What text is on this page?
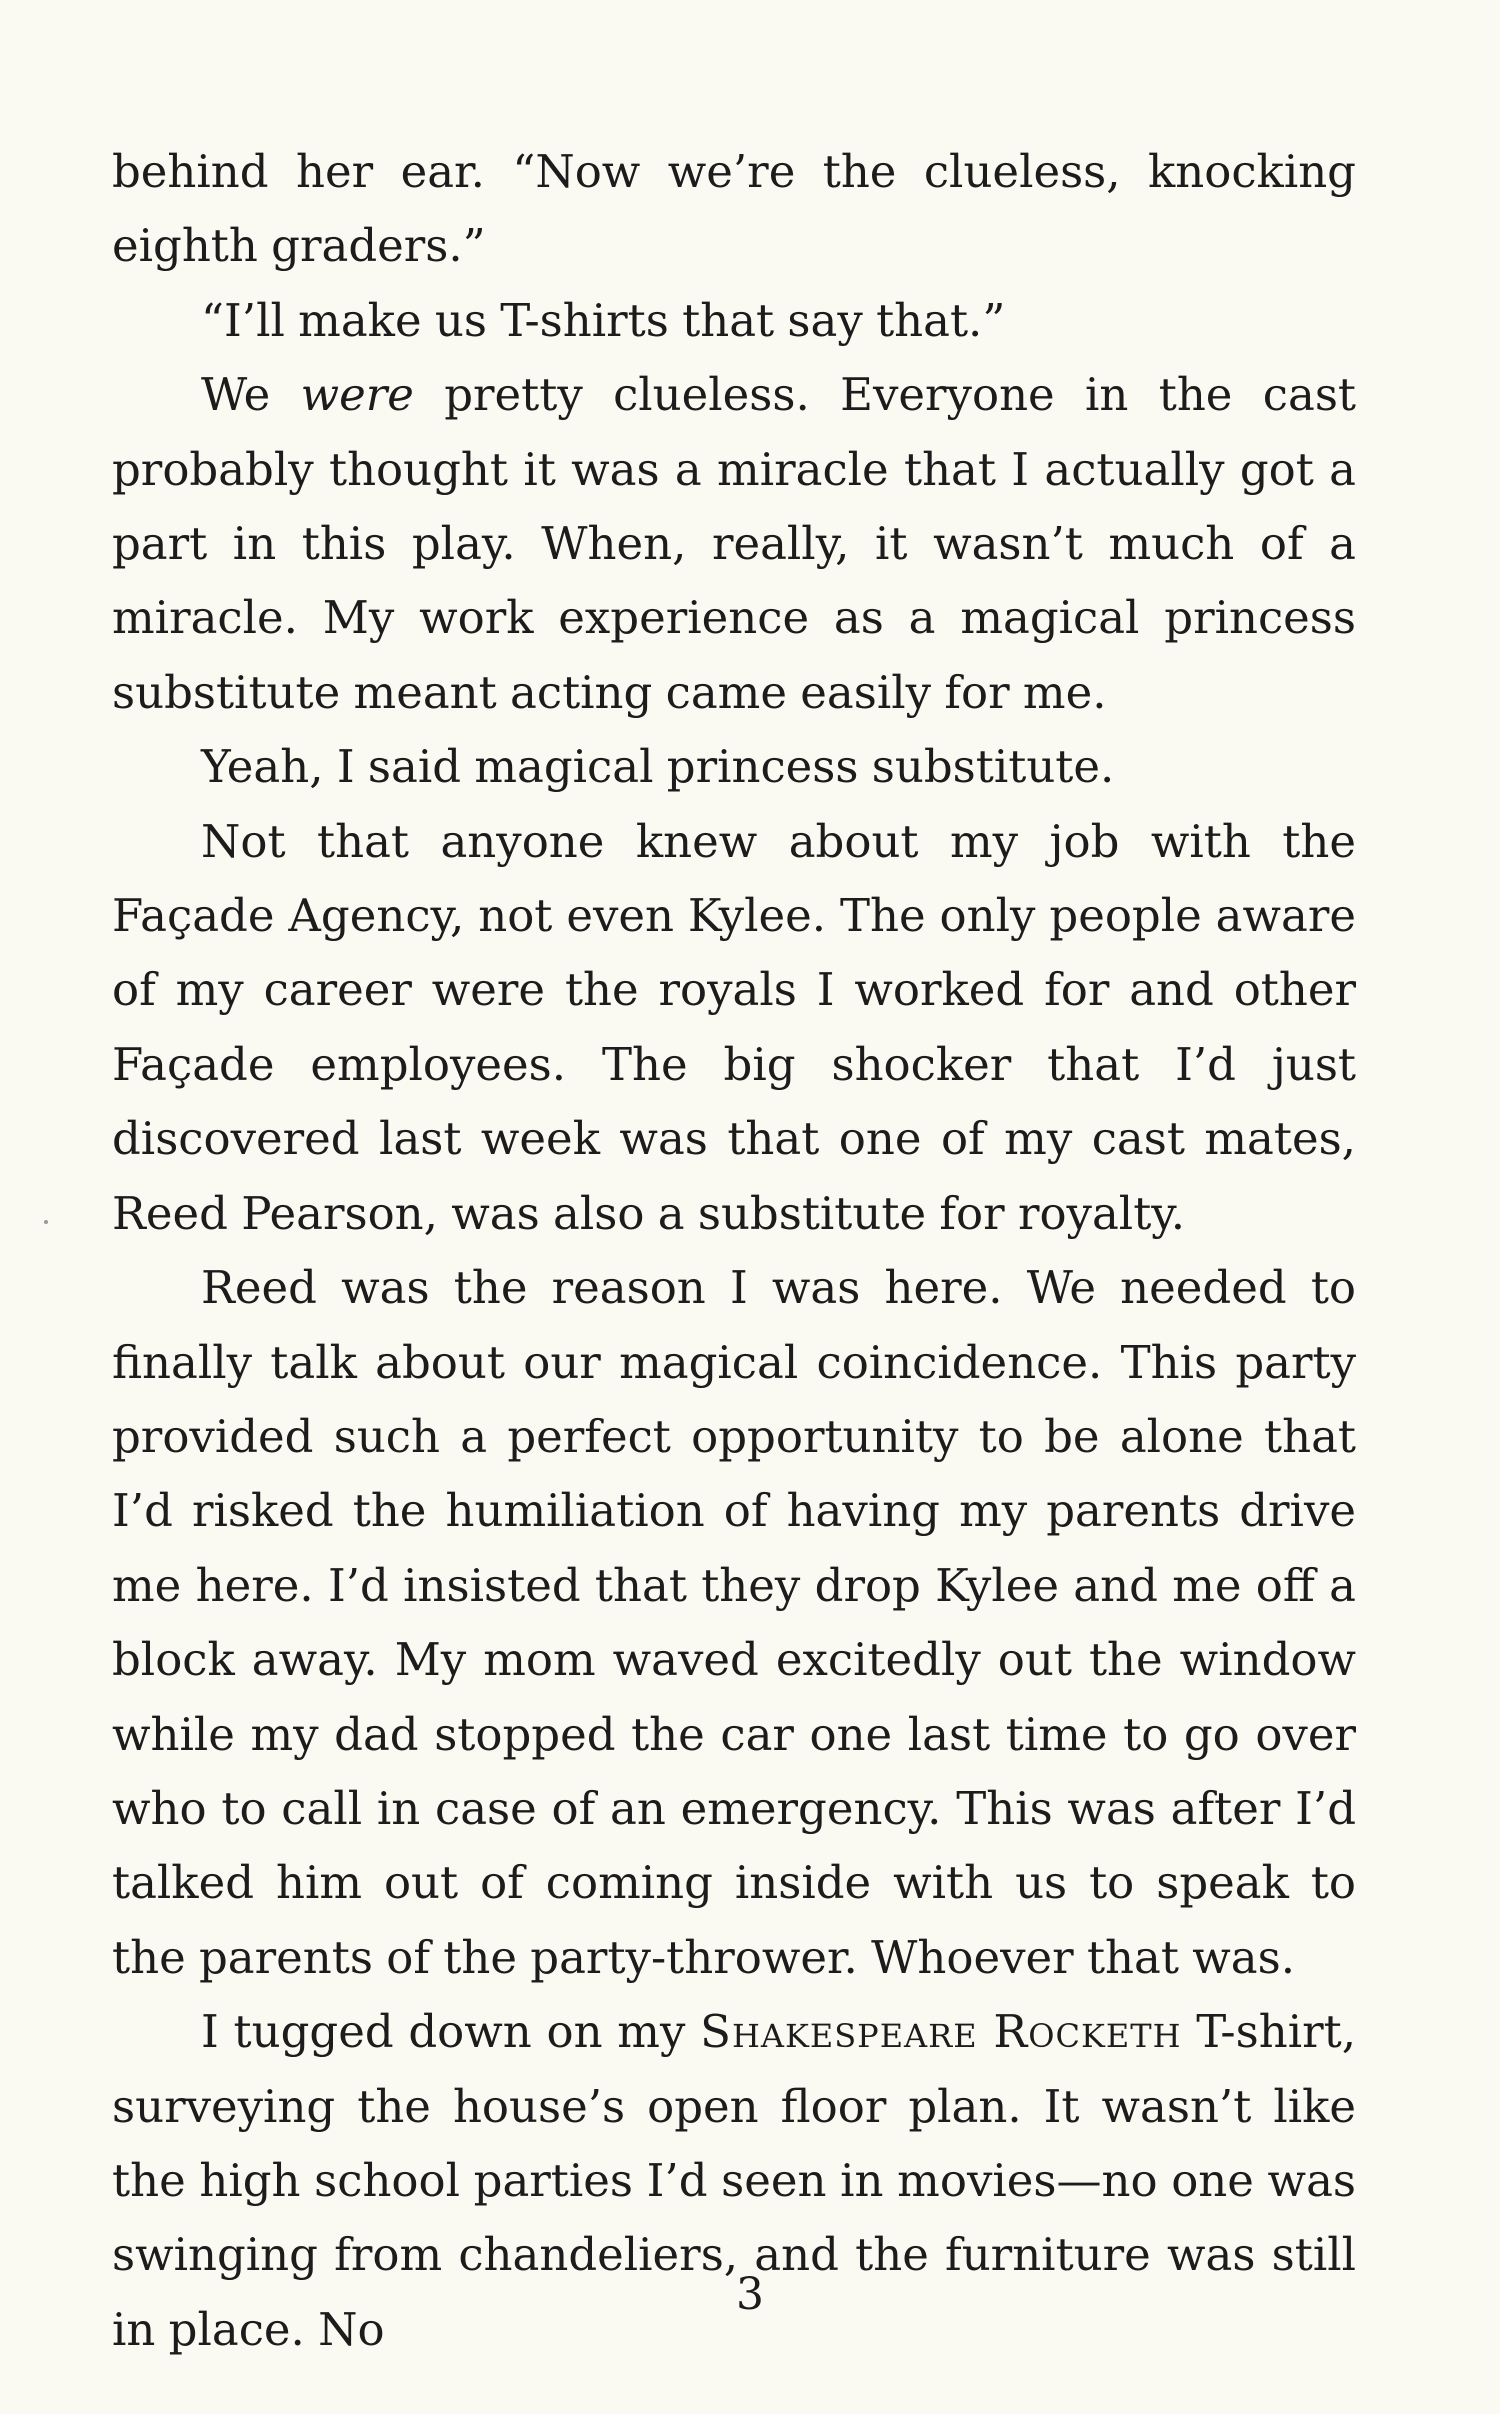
behind her ear. “Now we’re the clueless, knocking eighth graders.”

“I’ll make us T-shirts that say that.”

We were pretty clueless. Everyone in the cast probably thought it was a miracle that I actually got a part in this play. When, really, it wasn’t much of a miracle. My work experience as a magical princess substitute meant acting came easily for me.

Yeah, I said magical princess substitute.

Not that anyone knew about my job with the Façade Agency, not even Kylee. The only people aware of my career were the royals I worked for and other Façade employees. The big shocker that I’d just discovered last week was that one of my cast mates, Reed Pearson, was also a substitute for royalty.

Reed was the reason I was here. We needed to finally talk about our magical coincidence. This party provided such a perfect opportunity to be alone that I’d risked the humiliation of having my parents drive me here. I’d insisted that they drop Kylee and me off a block away. My mom waved excitedly out the window while my dad stopped the car one last time to go over who to call in case of an emergency. This was after I’d talked him out of coming inside with us to speak to the parents of the party-thrower. Whoever that was.

I tugged down on my Shakespeare Rocketh T-shirt, surveying the house’s open floor plan. It wasn’t like the high school parties I’d seen in movies—no one was swinging from chandeliers, and the furniture was still in place. No

3
